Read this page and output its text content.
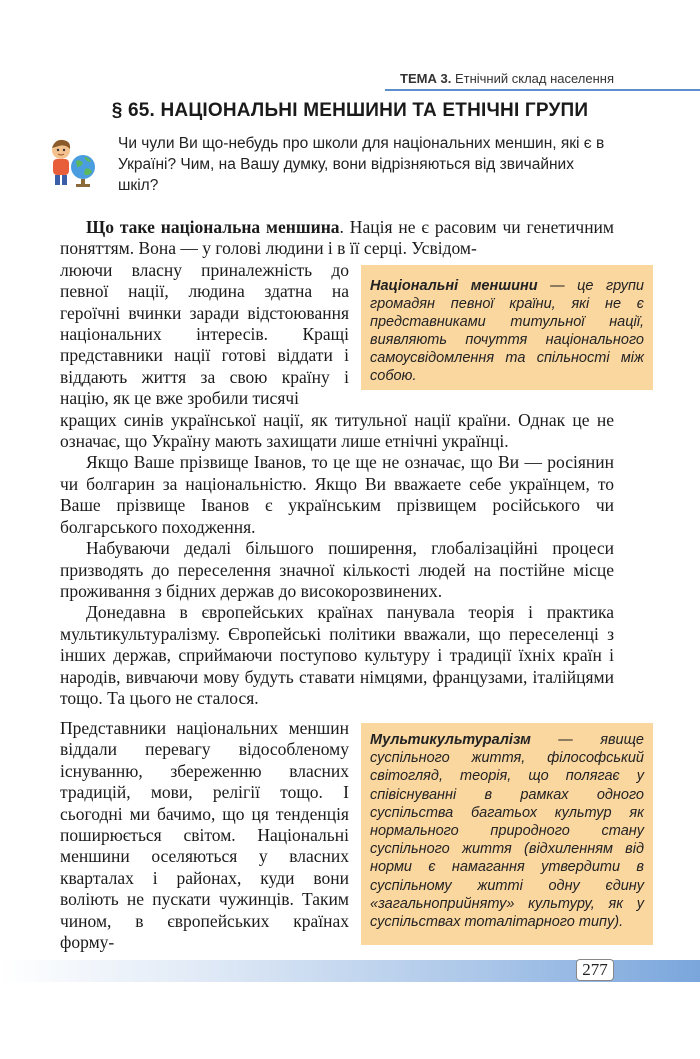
ТЕМА 3. Етнічний склад населення
§ 65. НАЦІОНАЛЬНІ МЕНШИНИ ТА ЕТНІЧНІ ГРУПИ
Чи чули Ви що-небудь про школи для національних меншин, які є в Україні? Чим, на Вашу думку, вони відрізняються від звичайних шкіл?

Що таке національна меншина. Нація не є расовим чи генетичним поняттям. Вона — у голові людини і в її серці. Усвідом-

люючи власну приналежність до певної нації, людина здатна на героїчні вчинки заради відстоювання національних інтересів. Кращі представники нації готові віддати і віддають життя за свою країну і націю, як це вже зробили тисячі

кращих синів української нації, як титульної нації країни. Однак це не означає, що Україну мають захищати лише етнічні українці.

Якщо Ваше прізвище Іванов, то це ще не означає, що Ви — росіянин чи болгарин за національністю. Якщо Ви вважаете себе українцем, то Ваше прізвище Іванов є українським прізвищем російського чи болгарського походження.

Набуваючи дедалі більшого поширення, глобалізаційні процеси призводять до переселення значної кількості людей на постійне місце проживання з бідних держав до високорозвинених.

Донедавна в європейських країнах панувала теорія і практика мультикультуралізму. Європейські політики вважали, що переселенці з інших держав, сприймаючи поступово культуру і традиції їхніх країн і народів, вивчаючи мову будуть ставати німцями, французами, італійцями тощо. Та цього не сталося.

Представники національних меншин віддали перевагу відособленому існуванню, збереженню власних традицій, мови, релігії тощо. І сьогодні ми бачимо, що ця тенденція поширюється світом. Національні меншини оселяються у власних кварталах і районах, куди вони воліють не пускати чужинців. Таким чином, в європейських країнах форму-

Національні меншини — це групи громадян певної країни, які не є представниками титульної нації, виявляють почуття національного самоусвідомлення та спільності між собою.
Мультикультуралізм — явище суспільного життя, філософський світогляд, теорія, що полягає у співіснуванні в рамках одного суспільства багатьох культур як нормального природного стану суспільного життя (відхиленням від норми є намагання утвердити в суспільному житті одну єдину «загальноприйняту» культуру, як у суспільствах тоталітарного типу).
277
